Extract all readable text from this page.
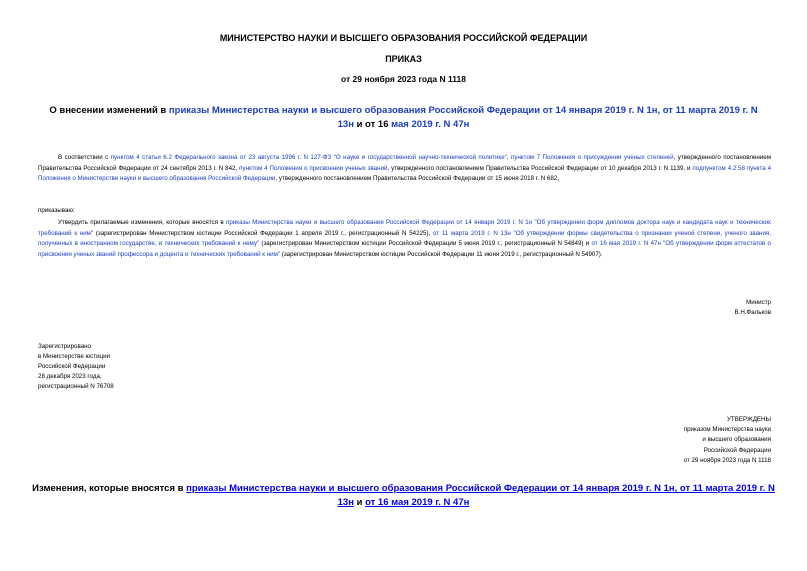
МИНИСТЕРСТВО НАУКИ И ВЫСШЕГО ОБРАЗОВАНИЯ РОССИЙСКОЙ ФЕДЕРАЦИИ
ПРИКАЗ
от 29 ноября 2023 года N 1118
О внесении изменений в приказы Министерства науки и высшего образования Российской Федерации от 14 января 2019 г. N 1н, от 11 марта 2019 г. N 13н и от 16 мая 2019 г. N 47н
В соответствии с пунктом 4 статьи 6.2 Федерального закона от 23 августа 1996 г. N 127-ФЗ "О науке и государственной научно-технической политике", пунктом 7 Положения о присуждении ученых степеней, утвержденного постановлением Правительства Российской Федерации от 24 сентября 2013 г. N 842, пунктом 4 Положения о присвоении ученых званий, утвержденного постановлением Правительства Российской Федерации от 10 декабря 2013 г. N 1139, и подпунктом 4.2.58 пункта 4 Положения о Министерстве науки и высшего образования Российской Федерации, утвержденного постановлением Правительства Российской Федерации от 15 июня 2018 г. N 682,
приказываю:
Утвердить прилагаемые изменения, которые вносятся в приказы Министерства науки и высшего образования Российской Федерации от 14 января 2019 г. N 1н "Об утверждении форм дипломов доктора наук и кандидата наук и технических требований к ним" (зарегистрирован Министерством юстиции Российской Федерации 1 апреля 2019 г., регистрационный N 54225), от 11 марта 2019 г. N 13н "Об утверждении формы свидетельства о признании ученой степени, ученого звания, полученных в иностранном государстве, и технических требований к нему" (зарегистрирован Министерством юстиции Российской Федерации 5 июня 2019 г., регистрационный N 54849) и от 16 мая 2019 г. N 47н "Об утверждении форм аттестатов о присвоении ученых званий профессора и доцента и технических требований к ним" (зарегистрирован Министерством юстиции Российской Федерации 11 июня 2019 г., регистрационный N 54907).
Министр
В.Н.Фальков
Зарегистрировано
в Министерстве юстиции
Российской Федерации
28 декабря 2023 года,
регистрационный N 76708
УТВЕРЖДЕНЫ
приказом Министерства науки
и высшего образования
Российской Федерации
от 29 ноября 2023 года N 1118
Изменения, которые вносятся в приказы Министерства науки и высшего образования Российской Федерации от 14 января 2019 г. N 1н, от 11 марта 2019 г. N 13н и от 16 мая 2019 г. N 47н
